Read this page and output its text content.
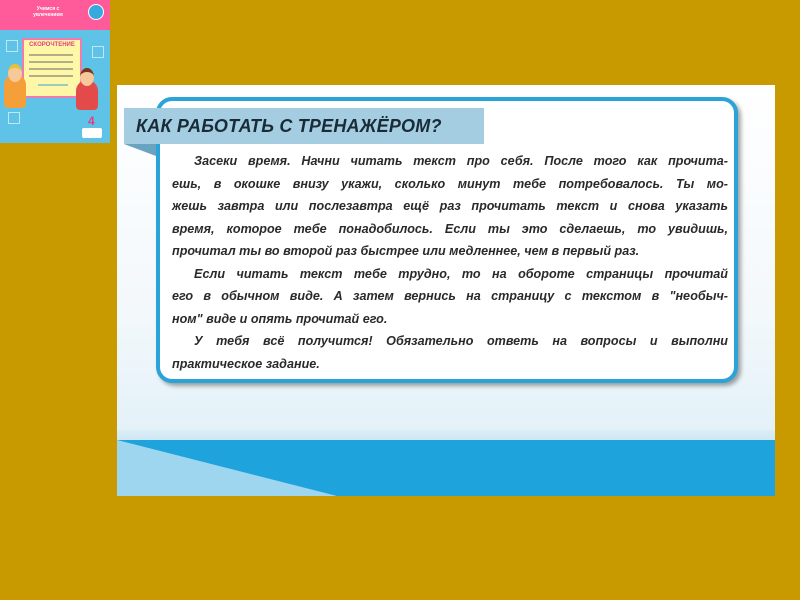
Учимся с увлечением
СКОРОЧТЕНИЕ
4 КАК РАБОТАТЬ С ТРЕНАЖЁРОМ?

Засеки время. Начни читать текст про себя. После того как прочита-
ешь, в окошке внизу укажи, сколько минут тебе потребовалось. Ты мо-
жешь завтра или послезавтра ещё раз прочитать текст и снова указать
время, которое тебе понадобилось. Если ты это сделаешь, то увидишь,
прочитал ты во второй раз быстрее или медленнее, чем в первый раз.

Если читать текст тебе трудно, то на обороте страницы прочитай
его в обычном виде. А затем вернись на страницу с текстом в "необыч-
ном" виде и опять прочитай его.

У тебя всё получится! Обязательно ответь на вопросы и выполни
практическое задание.
